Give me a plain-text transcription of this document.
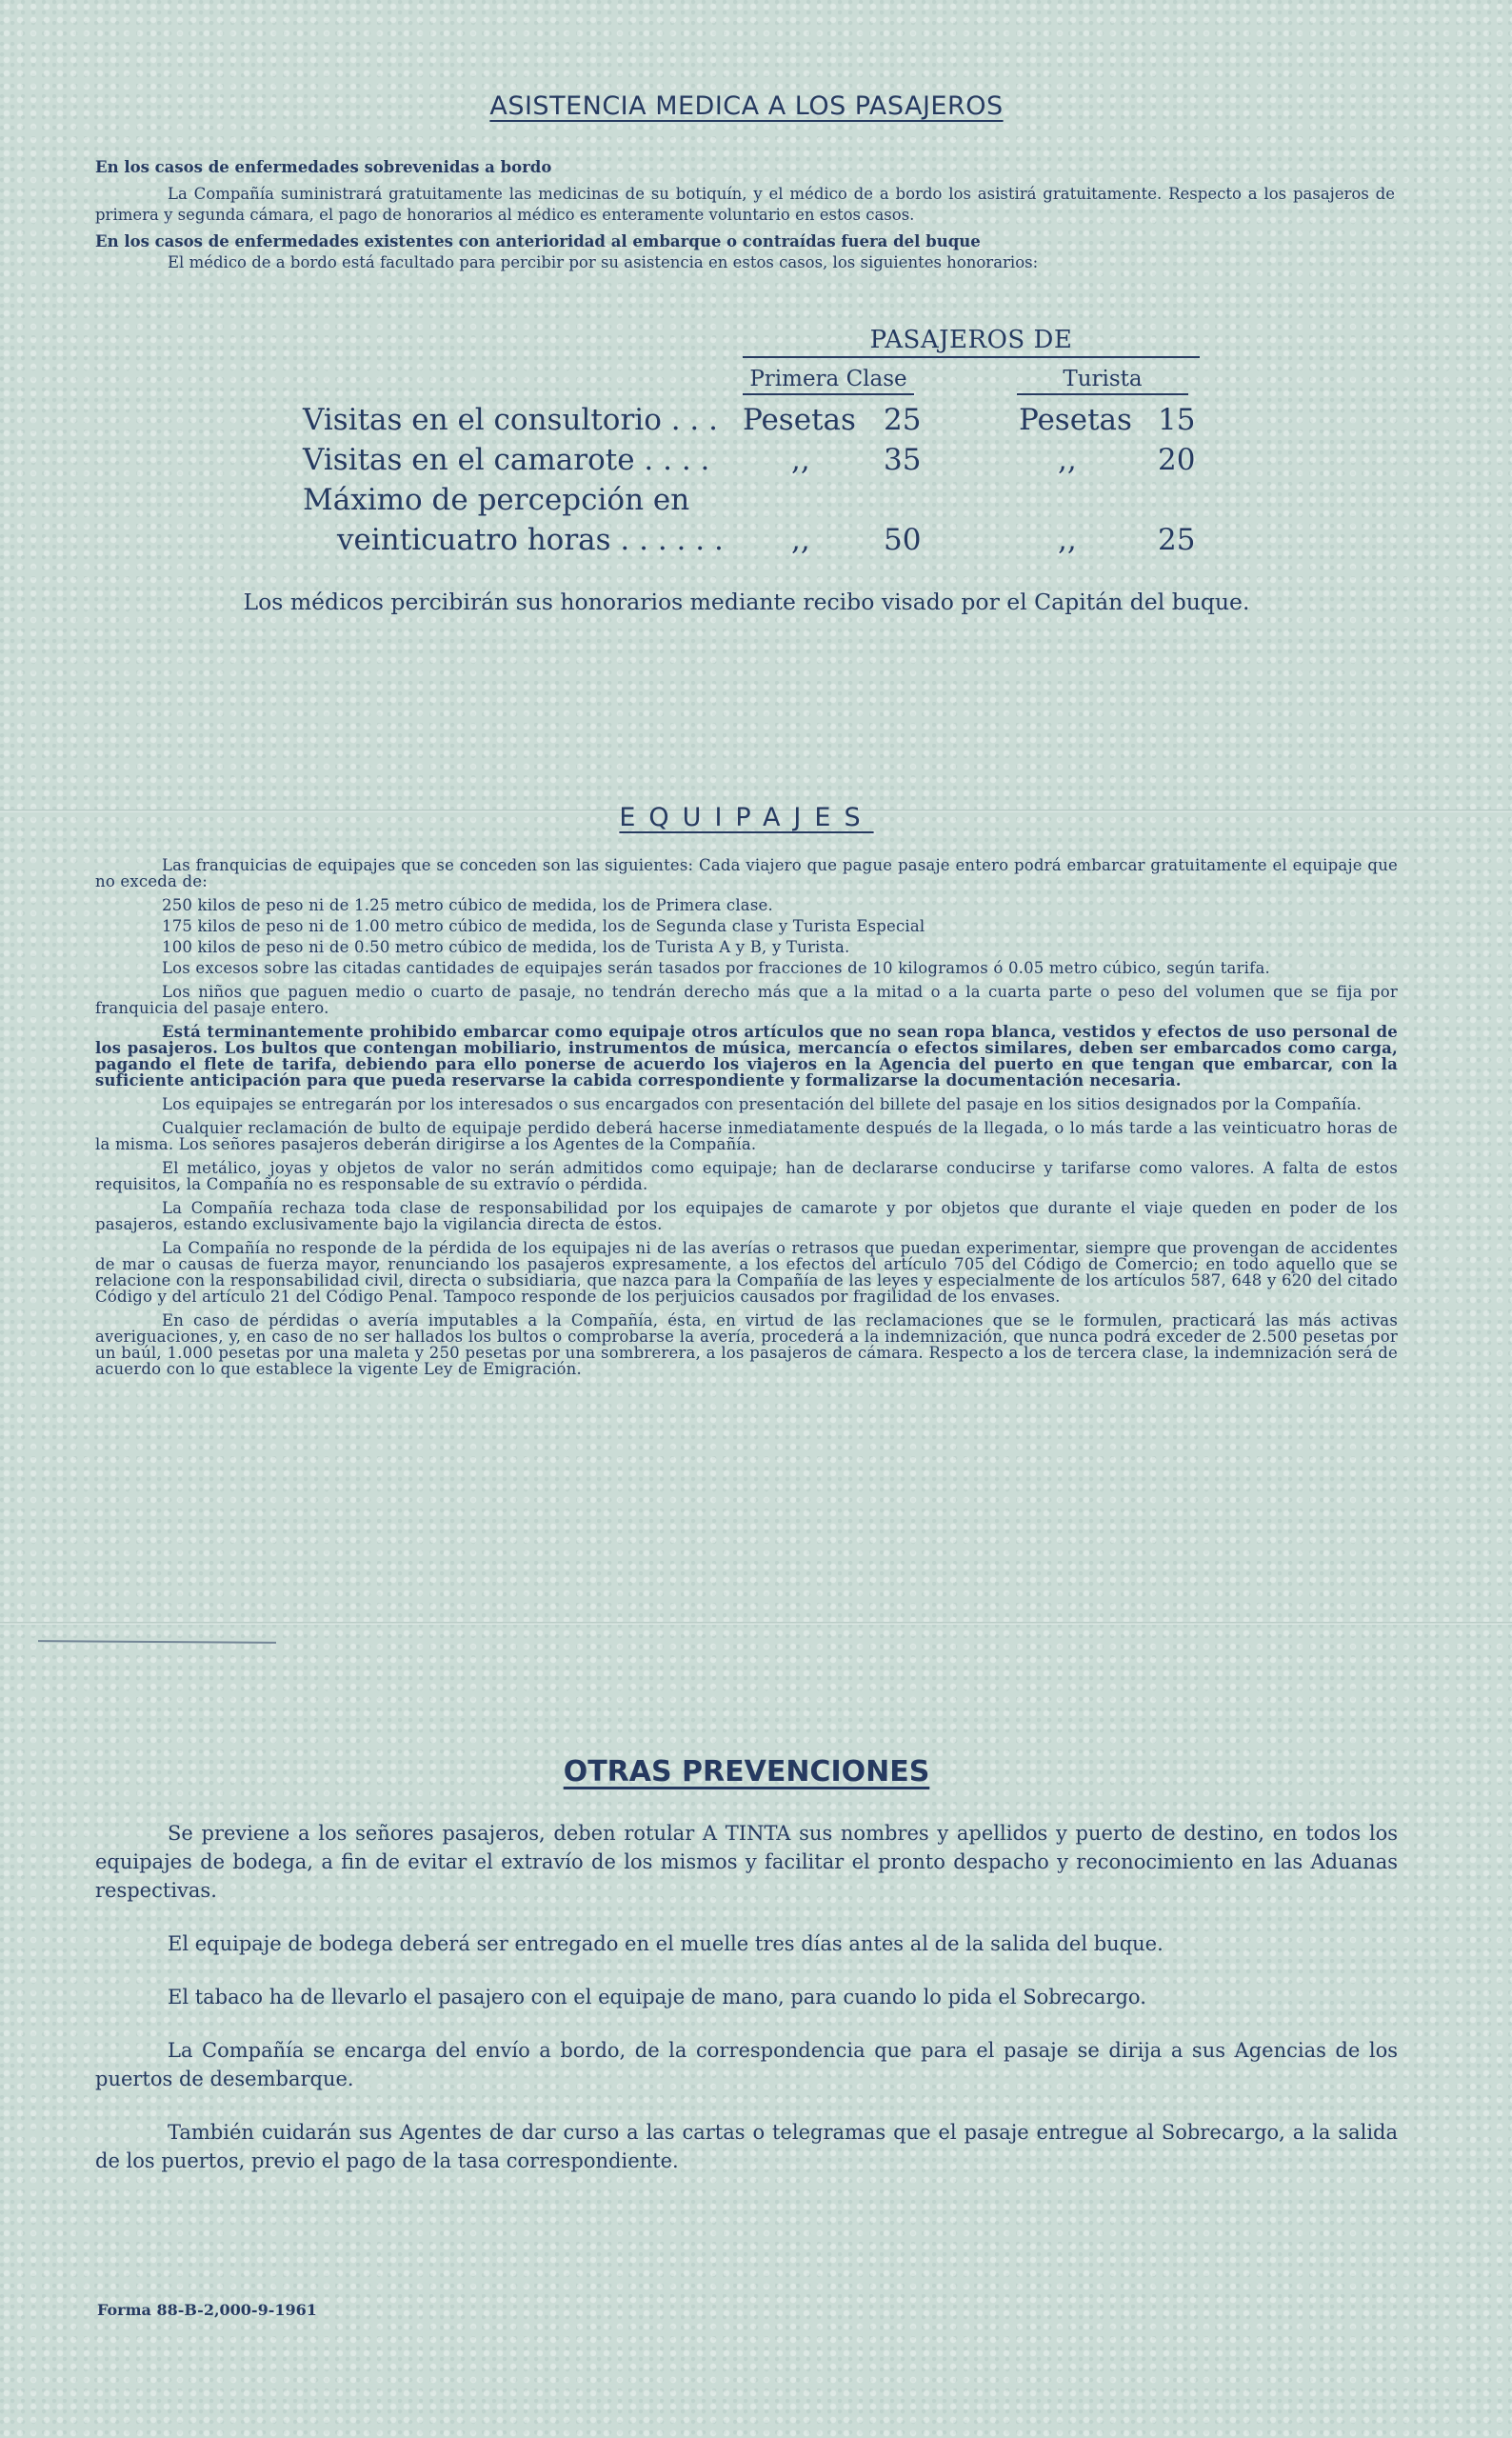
ASISTENCIA MEDICA A LOS PASAJEROS

En los casos de enfermedades sobrevenidas a bordo

La Compañía suministrará gratuitamente las medicinas de su botiquín, y el médico de a bordo los asistirá gratuitamente. Respecto a los pasajeros de primera y segunda cámara, el pago de honorarios al médico es enteramente voluntario en estos casos.

En los casos de enfermedades existentes con anterioridad al embarque o contraídas fuera del buque

El médico de a bordo está facultado para percibir por su asistencia en estos casos, los siguientes honorarios:

PASAJEROS DE
Primera Clase	Turista
Visitas en el consultorio . . . Pesetas 25	Pesetas 15
Visitas en el camarote . . . .	,, 35	,,	20
Máximo de percepción en
veinticuatro horas . . . . . . ,, 50	,,	25

Los médicos percibirán sus honorarios mediante recibo visado por el Capitán del buque.

EQUIPAJES

Las franquicias de equipajes que se conceden son las siguientes: Cada viajero que pague pasaje entero podrá embarcar gratuitamente el equipaje que no exceda de:

250 kilos de peso ni de 1.25 metro cúbico de medida, los de Primera clase.

175 kilos de peso ni de 1.00 metro cúbico de medida, los de Segunda clase y Turista Especial

100 kilos de peso ni de 0.50 metro cúbico de medida, los de Turista A y B, y Turista.

Los excesos sobre las citadas cantidades de equipajes serán tasados por fracciones de 10 kilogramos ó 0.05 metro cúbico, según tarifa.

Los niños que paguen medio o cuarto de pasaje, no tendrán derecho más que a la mitad o a la cuarta parte o peso del volumen que se fija por franquicia del pasaje entero.

Está terminantemente prohibido embarcar como equipaje otros artículos que no sean ropa blanca, vestidos y efectos de uso personal de los pasajeros. Los bultos que contengan mobiliario, instrumentos de música, mercancía o efectos similares, deben ser embarcados como carga, pagando el flete de tarifa, debiendo para ello ponerse de acuerdo los viajeros en la Agencia del puerto en que tengan que embarcar, con la suficiente anticipación para que pueda reservarse la cabida correspondiente y formalizarse la documentación necesaria.

Los equipajes se entregarán por los interesados o sus encargados con presentación del billete del pasaje en los sitios designados por la Compañía.

Cualquier reclamación de bulto de equipaje perdido deberá hacerse inmediatamente después de la llegada, o lo más tarde a las veinticuatro horas de la misma. Los señores pasajeros deberán dirigirse a los Agentes de la Compañía.

El metálico, joyas y objetos de valor no serán admitidos como equipaje; han de declararse conducirse y tarifarse como valores. A falta de estos requisitos, la Compañía no es responsable de su extravío o pérdida.

La Compañía rechaza toda clase de responsabilidad por los equipajes de camarote y por objetos que durante el viaje queden en poder de los pasajeros, estando exclusivamente bajo la vigilancia directa de éstos.

La Compañía no responde de la pérdida de los equipajes ni de las averías o retrasos que puedan experimentar, siempre que provengan de accidentes de mar o causas de fuerza mayor, renunciando los pasajeros expresamente, a los efectos del artículo 705 del Código de Comercio; en todo aquello que se relacione con la responsabilidad civil, directa o subsidiaria, que nazca para la Compañía de las leyes y especialmente de los artículos 587, 648 y 620 del citado Código y del artículo 21 del Código Penal. Tampoco responde de los perjuicios causados por fragilidad de los envases.

En caso de pérdidas o avería imputables a la Compañía, ésta, en virtud de las reclamaciones que se le formulen, practicará las más activas averiguaciones, y, en caso de no ser hallados los bultos o comprobarse la avería, procederá a la indemnización, que nunca podrá exceder de 2.500 pesetas por un baúl, 1.000 pesetas por una maleta y 250 pesetas por una sombrerera, a los pasajeros de cámara. Respecto a los de tercera clase, la indemnización será de acuerdo con lo que establece la vigente Ley de Emigración.

OTRAS PREVENCIONES

Se previene a los señores pasajeros, deben rotular A TINTA sus nombres y apellidos y puerto de destino, en todos los equipajes de bodega, a fin de evitar el extravío de los mismos y facilitar el pronto despacho y reconocimiento en las Aduanas respectivas.

El equipaje de bodega deberá ser entregado en el muelle tres días antes al de la salida del buque.

El tabaco ha de llevarlo el pasajero con el equipaje de mano, para cuando lo pida el Sobrecargo.

La Compañía se encarga del envío a bordo, de la correspondencia que para el pasaje se dirija a sus Agencias de los puertos de desembarque.

También cuidarán sus Agentes de dar curso a las cartas o telegramas que el pasaje entregue al Sobrecargo, a la salida de los puertos, previo el pago de la tasa correspondiente.

Forma 88-B-2,000-9-1961
